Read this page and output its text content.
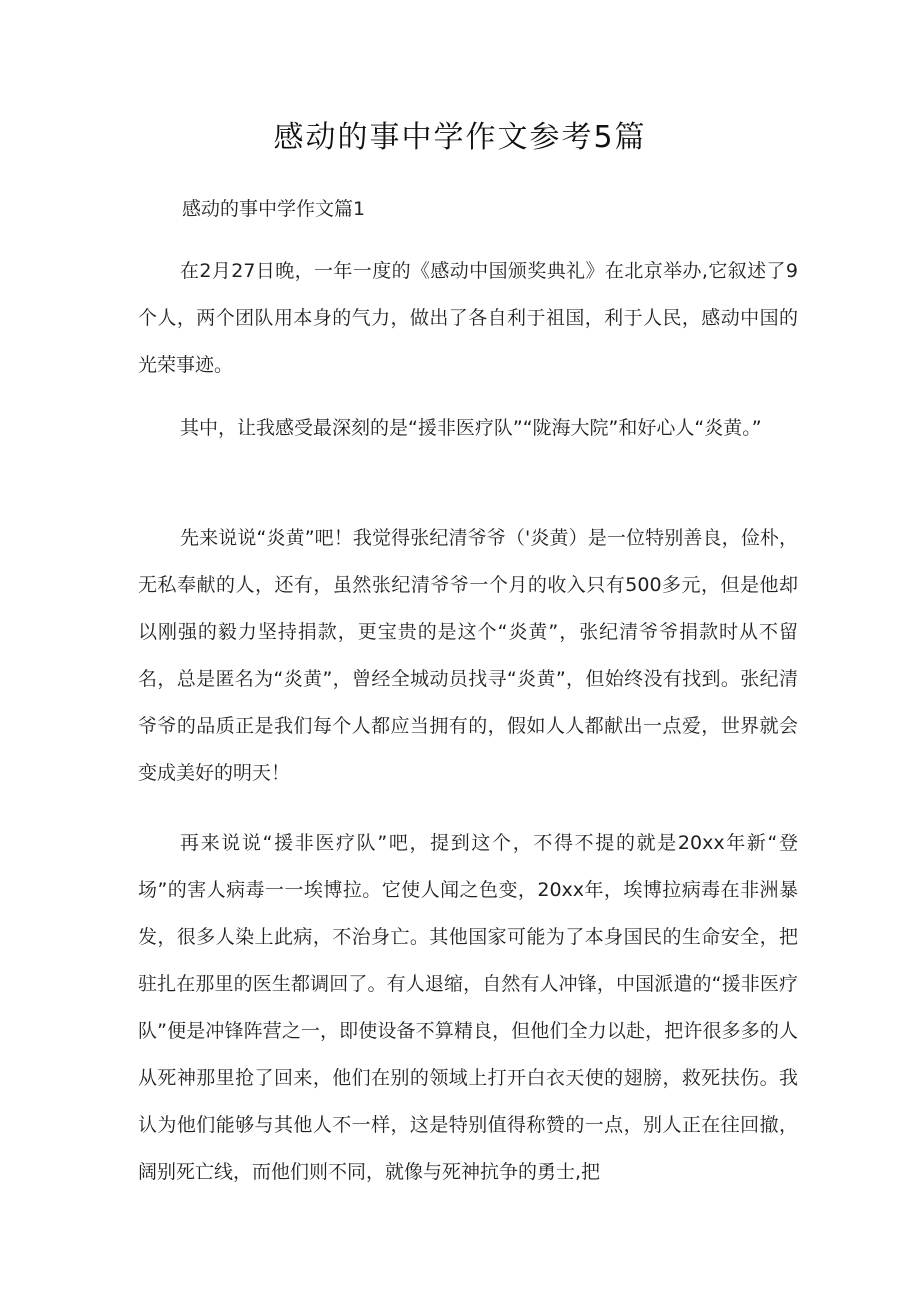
感动的事中学作文参考5篇

感动的事中学作文篇1

在2月27日晚，一年一度的《感动中国颁奖典礼》在北京举办,它叙述了9个人，两个团队用本身的气力，做出了各自利于祖国，利于人民，感动中国的光荣事迹。

其中，让我感受最深刻的是“援非医疗队”“陇海大院”和好心人“炎黄。”

先来说说“炎黄”吧！我觉得张纪清爷爷（'炎黄）是一位特别善良，俭朴，无私奉献的人，还有，虽然张纪清爷爷一个月的收入只有500多元，但是他却以刚强的毅力坚持捐款，更宝贵的是这个“炎黄”，张纪清爷爷捐款时从不留名，总是匿名为“炎黄”，曾经全城动员找寻“炎黄”，但始终没有找到。张纪清爷爷的品质正是我们每个人都应当拥有的，假如人人都献出一点爱，世界就会变成美好的明天！

再来说说“援非医疗队”吧，提到这个，不得不提的就是20xx年新“登场”的害人病毒一一埃博拉。它使人闻之色变，20xx年，埃博拉病毒在非洲暴发，很多人染上此病，不治身亡。其他国家可能为了本身国民的生命安全，把驻扎在那里的医生都调回了。有人退缩，自然有人冲锋，中国派遣的“援非医疗队”便是冲锋阵营之一，即使设备不算精良，但他们全力以赴，把许很多多的人从死神那里抢了回来，他们在别的领域上打开白衣天使的翅膀，救死扶伤。我认为他们能够与其他人不一样，这是特别值得称赞的一点，别人正在往回撤，阔别死亡线，而他们则不同，就像与死神抗争的勇士,把
